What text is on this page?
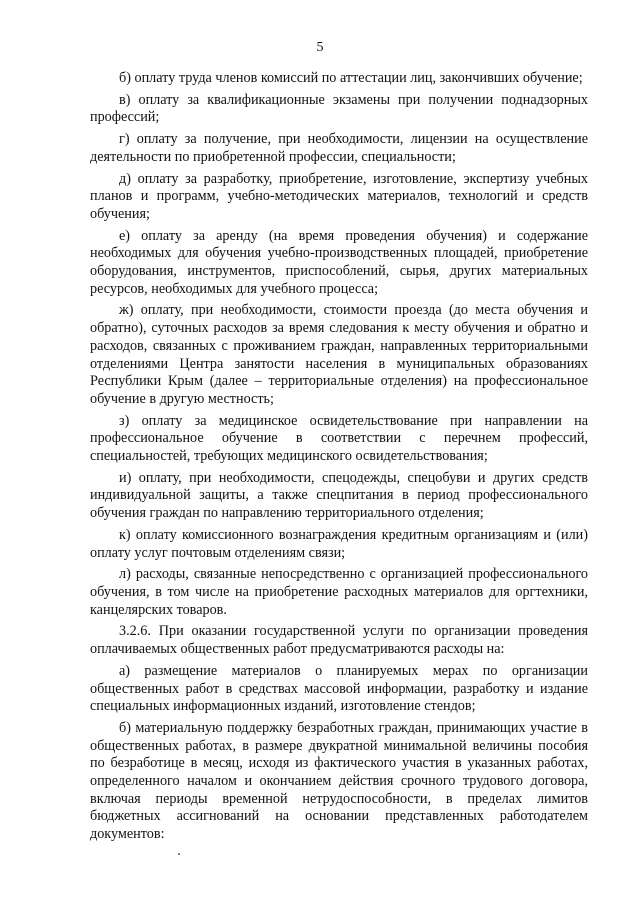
5

б) оплату труда членов комиссий по аттестации лиц, закончивших обучение;

в) оплату за квалификационные экзамены при получении поднадзорных профессий;

г) оплату за получение, при необходимости, лицензии на осуществление деятельности по приобретенной профессии, специальности;

д) оплату за разработку, приобретение, изготовление, экспертизу учебных планов и программ, учебно-методических материалов, технологий и средств обучения;

е) оплату за аренду (на время проведения обучения) и содержание необходимых для обучения учебно-производственных площадей, приобретение оборудования, инструментов, приспособлений, сырья, других материальных ресурсов, необходимых для учебного процесса;

ж) оплату, при необходимости, стоимости проезда (до места обучения и обратно), суточных расходов за время следования к месту обучения и обратно и расходов, связанных с проживанием граждан, направленных территориальными отделениями Центра занятости населения в муниципальных образованиях Республики Крым (далее – территориальные отделения) на профессиональное обучение в другую местность;

з) оплату за медицинское освидетельствование при направлении на профессиональное обучение в соответствии с перечнем профессий, специальностей, требующих медицинского освидетельствования;

и) оплату, при необходимости, спецодежды, спецобуви и других средств индивидуальной защиты, а также спецпитания в период профессионального обучения граждан по направлению территориального отделения;

к) оплату комиссионного вознаграждения кредитным организациям и (или) оплату услуг почтовым отделениям связи;

л) расходы, связанные непосредственно с организацией профессионального обучения, в том числе на приобретение расходных материалов для оргтехники, канцелярских товаров.

3.2.6. При оказании государственной услуги по организации проведения оплачиваемых общественных работ предусматриваются расходы на:

а) размещение материалов о планируемых мерах по организации общественных работ в средствах массовой информации, разработку и издание специальных информационных изданий, изготовление стендов;

б) материальную поддержку безработных граждан, принимающих участие в общественных работах, в размере двукратной минимальной величины пособия по безработице в месяц, исходя из фактического участия в указанных работах, определенного началом и окончанием действия срочного трудового договора, включая периоды временной нетрудоспособности, в пределах лимитов бюджетных ассигнований на основании представленных работодателем документов:
